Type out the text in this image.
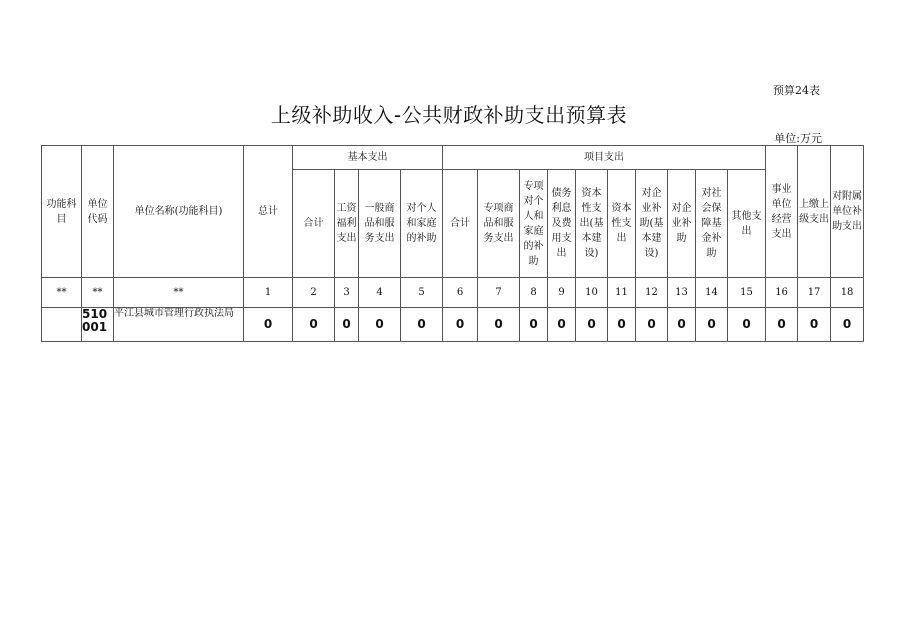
预算24表
上级补助收入-公共财政补助支出预算表
单位:万元
功能科目	单位代码	单位名称(功能科目)	总计	基本支出				项目支出										事业单位经营支出	上缴上级支出	对附属单位补助支出

				合计	工资福利支出	一般商品和服务支出	对个人和家庭的补助	合计	专项商品和服务支出	专项对个人和家庭的补助	债务利息及费用支出	资本性支出(基本建设)	资本性支出	对企业补助(基本建设)	对企业补助	对社会保障基金补助	其他支出			

**	**	**	1	2	3	4	5	6	7	8	9	10	11	12	13	14	15	16	17	18
	510001	平江县城市管理行政执法局	0	0	0	0	0	0	0	0	0	0	0	0	0	0	0	0	0	0
